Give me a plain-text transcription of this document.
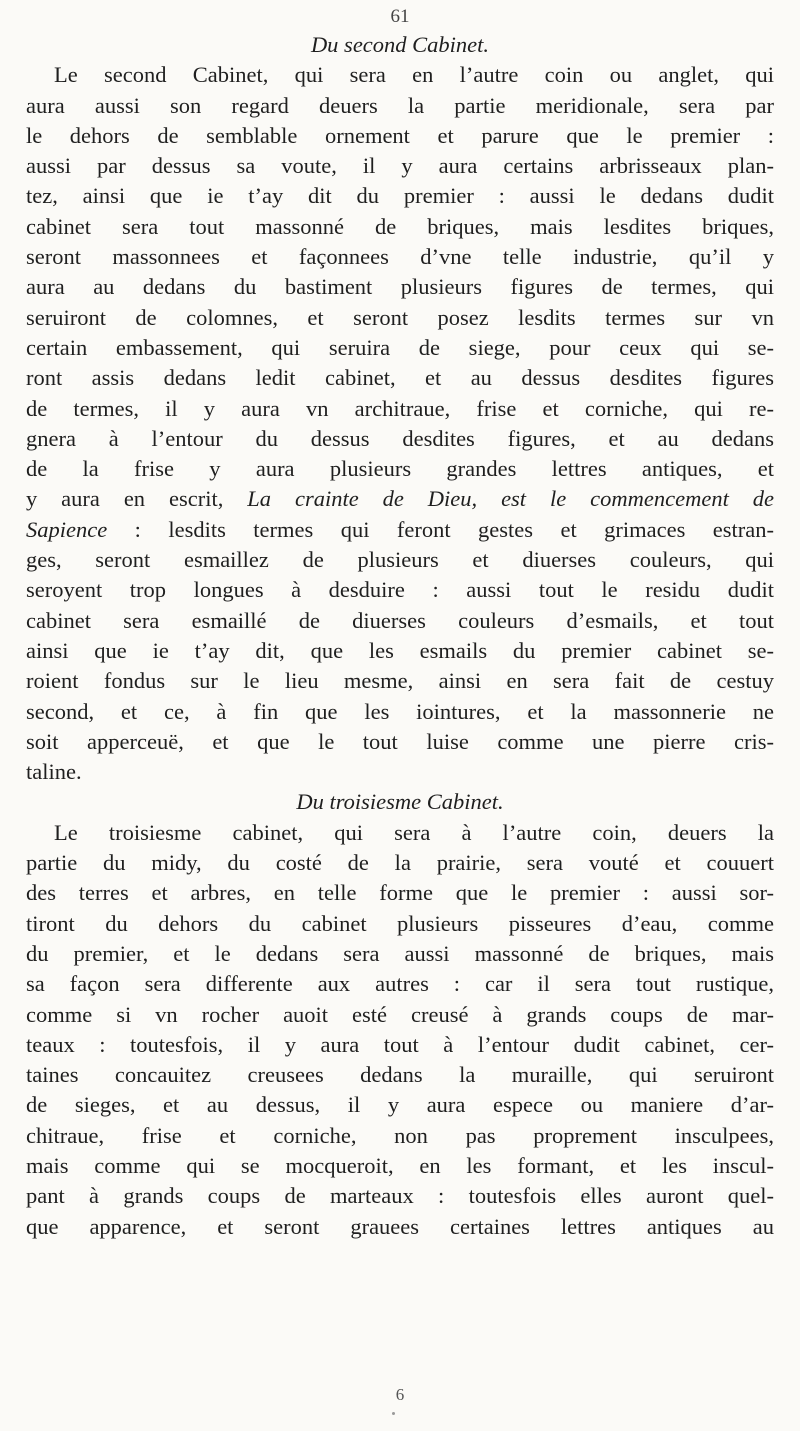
61
Du second Cabinet.
Le second Cabinet, qui sera en l’autre coin ou anglet, qui
aura aussi son regard deuers la partie meridionale, sera par
le dehors de semblable ornement et parure que le premier :
aussi par dessus sa voute, il y aura certains arbrisseaux plan-
tez, ainsi que ie t’ay dit du premier : aussi le dedans dudit
cabinet sera tout massonné de briques, mais lesdites briques,
seront massonnees et façonnees d’vne telle industrie, qu’il y
aura au dedans du bastiment plusieurs figures de termes, qui
seruiront de colomnes, et seront posez lesdits termes sur vn
certain embassement, qui seruira de siege, pour ceux qui se-
ront assis dedans ledit cabinet, et au dessus desdites figures
de termes, il y aura vn architraue, frise et corniche, qui re-
gnera à l’entour du dessus desdites figures, et au dedans
de la frise y aura plusieurs grandes lettres antiques, et
y aura en escrit, La crainte de Dieu, est le commencement de
Sapience : lesdits termes qui feront gestes et grimaces estran-
ges, seront esmaillez de plusieurs et diuerses couleurs, qui
seroyent trop longues à desduire : aussi tout le residu dudit
cabinet sera esmaillé de diuerses couleurs d’esmails, et tout
ainsi que ie t’ay dit, que les esmails du premier cabinet se-
roient fondus sur le lieu mesme, ainsi en sera fait de cestuy
second, et ce, à fin que les iointures, et la massonnerie ne
soit apperceuë, et que le tout luise comme une pierre cris-
taline.
Du troisiesme Cabinet.
Le troisiesme cabinet, qui sera à l’autre coin, deuers la
partie du midy, du costé de la prairie, sera vouté et couuert
des terres et arbres, en telle forme que le premier : aussi sor-
tiront du dehors du cabinet plusieurs pisseures d’eau, comme
du premier, et le dedans sera aussi massonné de briques, mais
sa façon sera differente aux autres : car il sera tout rustique,
comme si vn rocher auoit esté creusé à grands coups de mar-
teaux : toutesfois, il y aura tout à l’entour dudit cabinet, cer-
taines concauitez creusees dedans la muraille, qui seruiront
de sieges, et au dessus, il y aura espece ou maniere d’ar-
chitraue, frise et corniche, non pas proprement insculpees,
mais comme qui se mocqueroit, en les formant, et les inscul-
pant à grands coups de marteaux : toutesfois elles auront quel-
que apparence, et seront grauees certaines lettres antiques au
6
